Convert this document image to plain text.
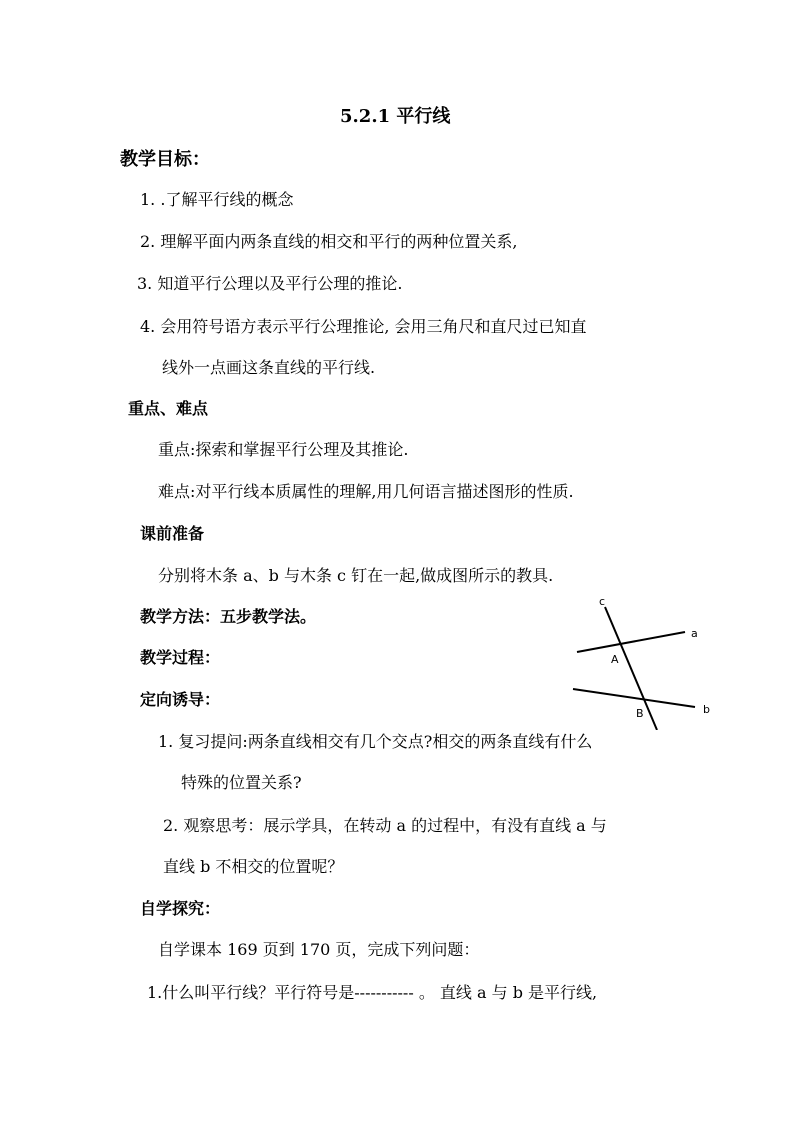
5.2.1 平行线
教学目标：
1. .了解平行线的概念
2. 理解平面内两条直线的相交和平行的两种位置关系,
3. 知道平行公理以及平行公理的推论.
4. 会用符号语方表示平行公理推论, 会用三角尺和直尺过已知直
线外一点画这条直线的平行线.
重点、难点
重点:探索和掌握平行公理及其推论.
难点:对平行线本质属性的理解,用几何语言描述图形的性质.
课前准备
分别将木条 a、b 与木条 c 钉在一起,做成图所示的教具.
教学方法：五步教学法。
教学过程：
定向诱导：
1. 复习提问:两条直线相交有几个交点?相交的两条直线有什么
特殊的位置关系?
2. 观察思考：展示学具，在转动 a 的过程中，有没有直线 a 与
直线 b 不相交的位置呢？
自学探究：
自学课本 169 页到 170 页，完成下列问题：
1.什么叫平行线？平行符号是----------- 。 直线 a 与 b 是平行线,
c
a
A
B	b
